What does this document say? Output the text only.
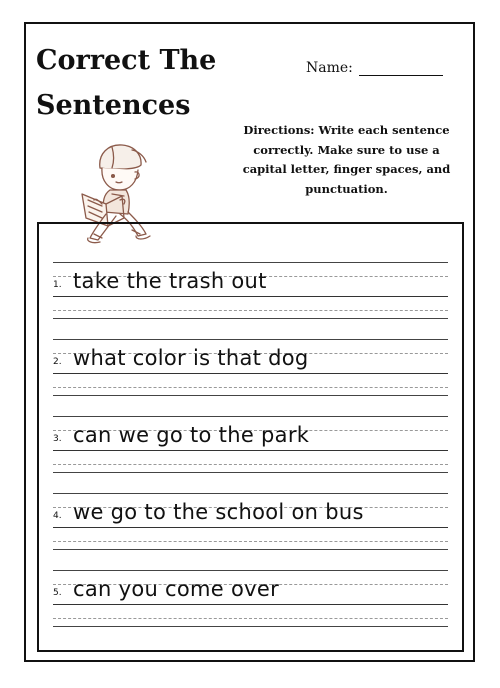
Correct The
Sentences
Name:
Directions: Write each sentence correctly. Make sure to use a capital letter, finger spaces, and punctuation.
1. take the trash out
2. what color is that dog
3. can we go to the park
4. we go to the school on bus
5. can you come over
